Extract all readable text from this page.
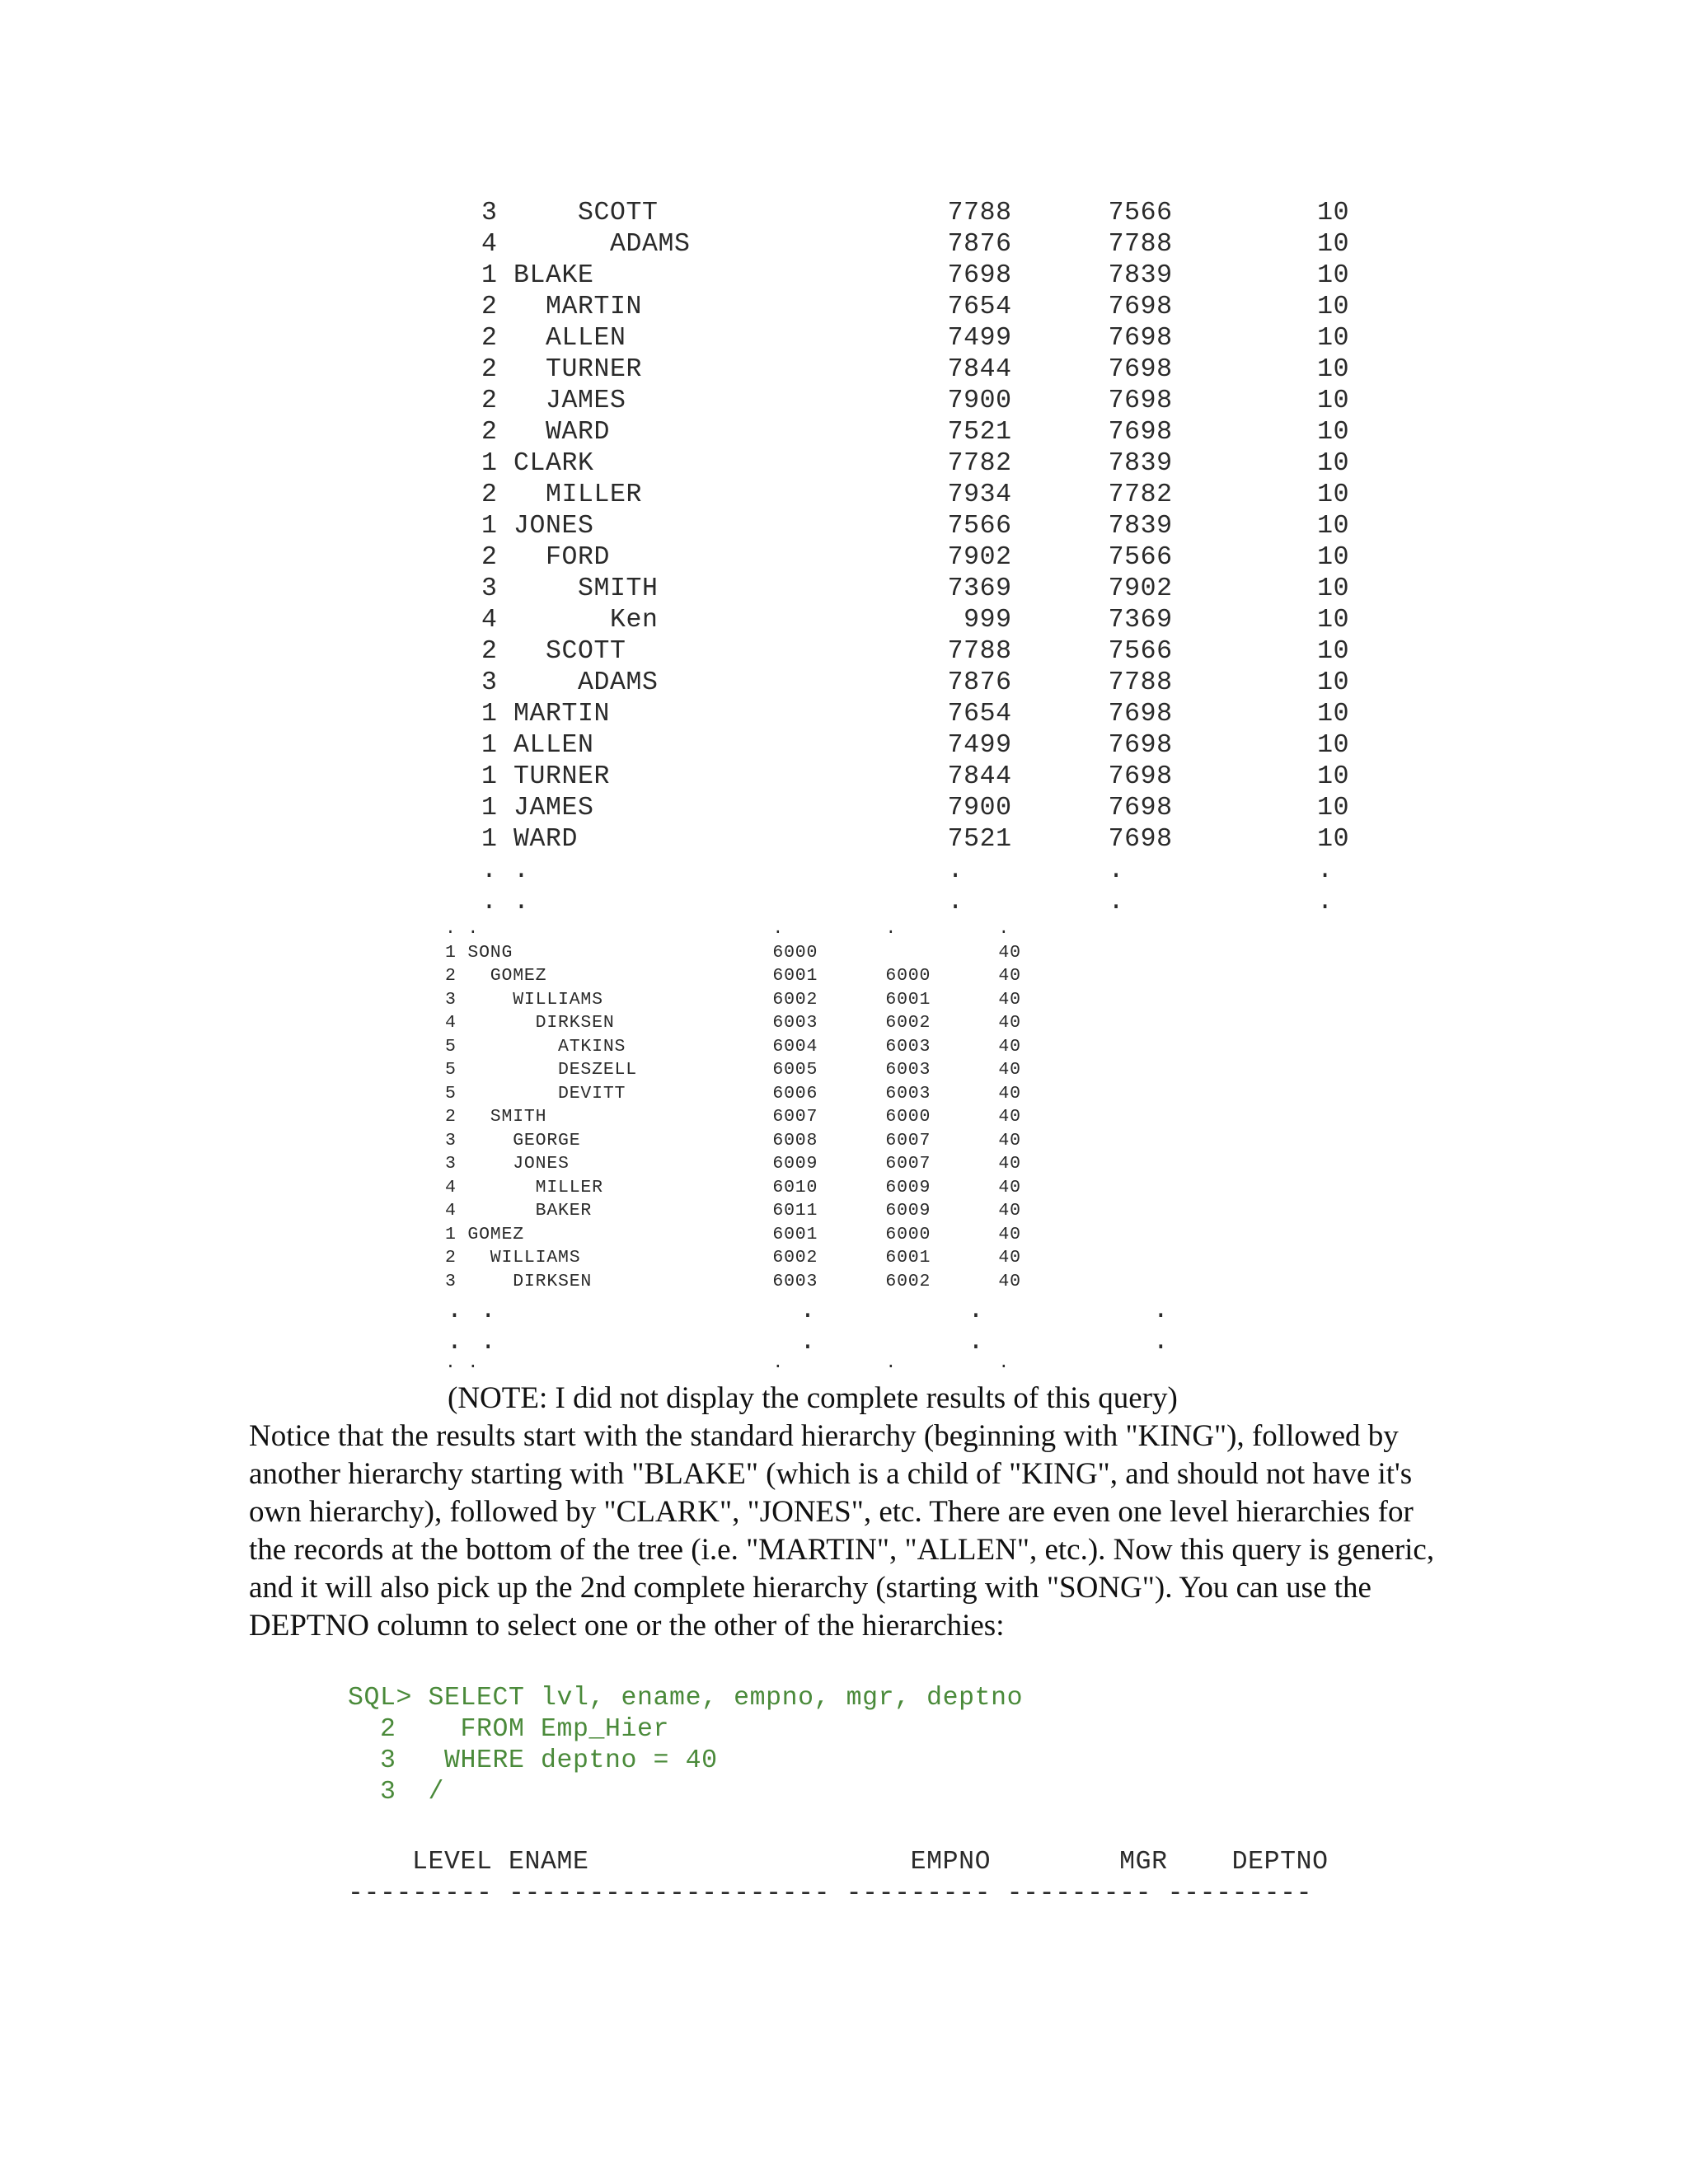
3     SCOTT                  7788      7566         10
4       ADAMS                7876      7788         10
1 BLAKE                      7698      7839         10
2   MARTIN                   7654      7698         10
2   ALLEN                    7499      7698         10
2   TURNER                   7844      7698         10
2   JAMES                    7900      7698         10
2   WARD                     7521      7698         10
1 CLARK                      7782      7839         10
2   MILLER                   7934      7782         10
1 JONES                      7566      7839         10
2   FORD                     7902      7566         10
3     SMITH                  7369      7902         10
4       Ken                   999      7369         10
2   SCOTT                    7788      7566         10
3     ADAMS                  7876      7788         10
1 MARTIN                     7654      7698         10
1 ALLEN                      7499      7698         10
1 TURNER                     7844      7698         10
1 JAMES                      7900      7698         10
1 WARD                       7521      7698         10
. .                          .         .            .
. .                          .         .            .
. .                          .         .         .
1 SONG                       6000                40
2   GOMEZ                    6001      6000      40
3     WILLIAMS               6002      6001      40
4       DIRKSEN              6003      6002      40
5         ATKINS             6004      6003      40
5         DESZELL            6005      6003      40
5         DEVITT             6006      6003      40
2   SMITH                    6007      6000      40
3     GEORGE                 6008      6007      40
3     JONES                  6009      6007      40
4       MILLER               6010      6009      40
4       BAKER                6011      6009      40
1 GOMEZ                      6001      6000      40
2   WILLIAMS                 6002      6001      40
3     DIRKSEN                6003      6002      40
. .                  .         .          .
. .                  .         .          .
. .                          .         .         .
(NOTE: I did not display the complete results of this query)

Notice that the results start with the standard hierarchy (beginning with "KING"), followed by another hierarchy starting with "BLAKE" (which is a child of "KING", and should not have it's own hierarchy), followed by "CLARK", "JONES", etc. There are even one level hierarchies for the records at the bottom of the tree (i.e. "MARTIN", "ALLEN", etc.). Now this query is generic, and it will also pick up the 2nd complete hierarchy (starting with "SONG"). You can use the DEPTNO column to select one or the other of the hierarchies:

SQL> SELECT lvl, ename, empno, mgr, deptno
2    FROM Emp_Hier
3   WHERE deptno = 40
3  /
LEVEL ENAME                    EMPNO        MGR    DEPTNO
--------- -------------------- --------- --------- ---------
